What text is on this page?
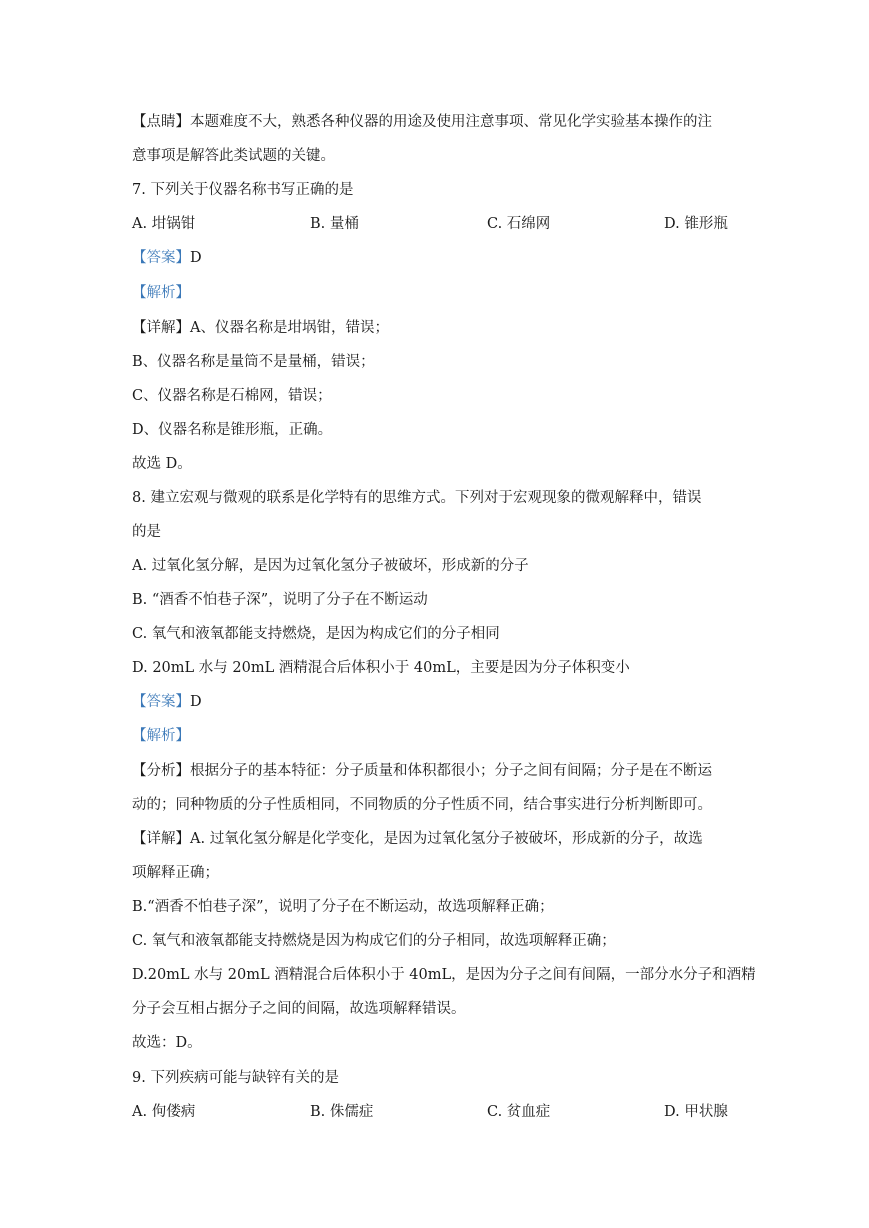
【点睛】本题难度不大，熟悉各种仪器的用途及使用注意事项、常见化学实验基本操作的注
意事项是解答此类试题的关键。
7. 下列关于仪器名称书写正确的是
A. 坩锅钳	B. 量桶	C. 石绵网	D. 锥形瓶
【答案】D
【解析】
【详解】A、仪器名称是坩埚钳，错误；
B、仪器名称是量筒不是量桶，错误；
C、仪器名称是石棉网，错误；
D、仪器名称是锥形瓶，正确。
故选 D。
8. 建立宏观与微观的联系是化学特有的思维方式。下列对于宏观现象的微观解释中，错误
的是
A. 过氧化氢分解，是因为过氧化氢分子被破坏，形成新的分子
B. “酒香不怕巷子深”，说明了分子在不断运动
C. 氧气和液氧都能支持燃烧，是因为构成它们的分子相同
D. 20mL 水与 20mL 酒精混合后体积小于 40mL，主要是因为分子体积变小
【答案】D
【解析】
【分析】根据分子的基本特征：分子质量和体积都很小；分子之间有间隔；分子是在不断运
动的；同种物质的分子性质相同，不同物质的分子性质不同，结合事实进行分析判断即可。
【详解】A. 过氧化氢分解是化学变化，是因为过氧化氢分子被破坏，形成新的分子，故选
项解释正确；
B.“酒香不怕巷子深”，说明了分子在不断运动，故选项解释正确；
C. 氧气和液氧都能支持燃烧是因为构成它们的分子相同，故选项解释正确；
D.20mL 水与 20mL 酒精混合后体积小于 40mL，是因为分子之间有间隔，一部分水分子和酒精
分子会互相占据分子之间的间隔，故选项解释错误。
故选：D。
9. 下列疾病可能与缺锌有关的是
A. 佝偻病	B. 侏儒症	C. 贫血症	D. 甲状腺
